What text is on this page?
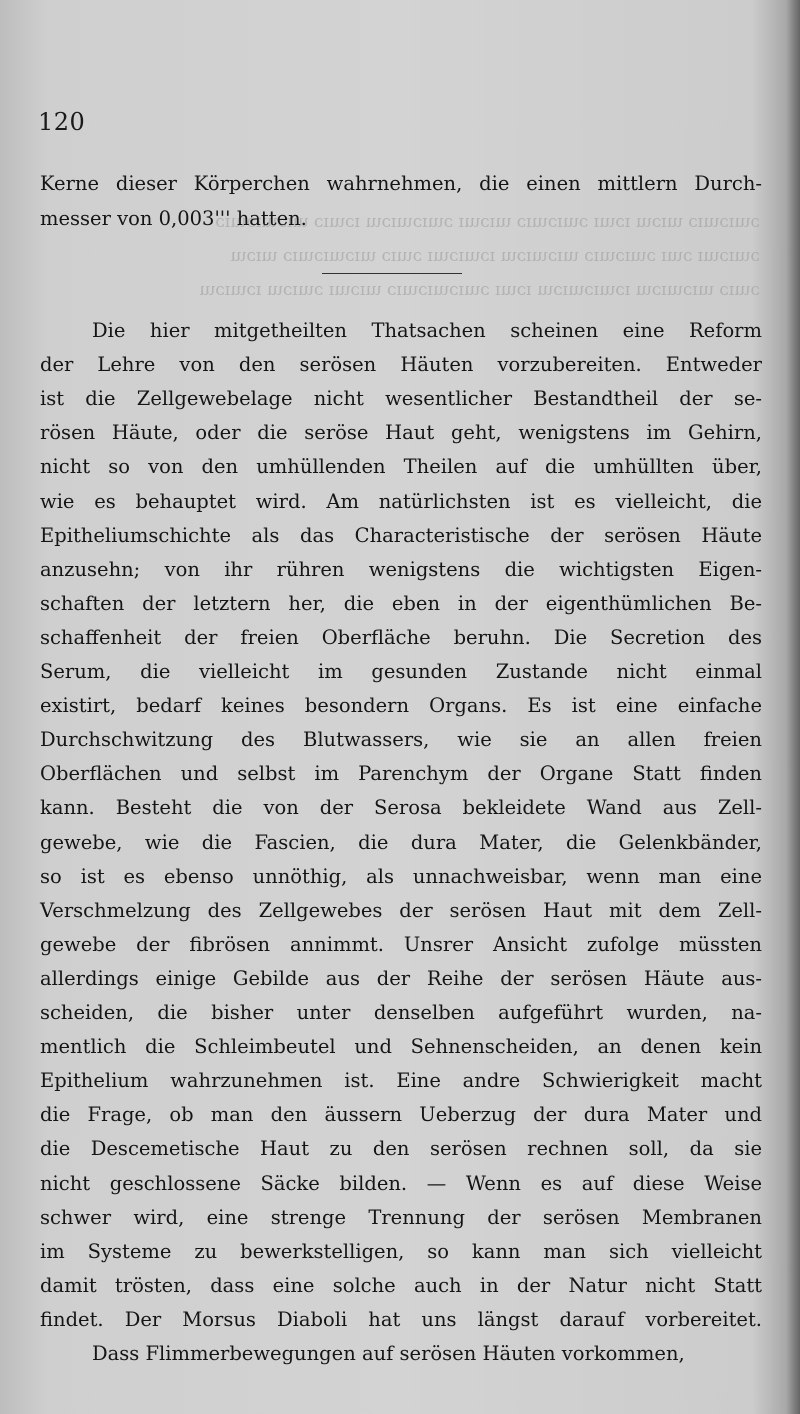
ɔɯɪɔɯɪɔ ɯɪɔɯ ɪɔɯɪ ɔɯɪɔɯɪɔ ɯɪɔɯɪ ɔɯɪɔɯɪɔɯ ɪɔɯɪɔ ɯɪɔɯɪɔɯɪɔ
ɔɯɪɔɯɪ ɔɯɪ ɔɯɪɔɯɪɔ ɯɪɔɯɪɔɯ ɪɔɯɪɔɯɪ ɔɯɪɔ ɯɪɔɯɪɔɯɪɔ ɯɪɔɯ
ɔɯɪɔ ɯɪɔɯɪɔɯ ɪɔɯɪɔɯɪɔɯ ɪɔɯɪ ɔɯɪɔɯɪɔɯɪɔ ɯɪɔɯɪ ɔɯɪɔɯ ɪɔɯɪɔɯ
120
Kerne dieser Körperchen wahrnehmen, die einen mittlern Durch-
messer von 0,003''' hatten.
Die hier mitgetheilten Thatsachen scheinen eine Reform
der Lehre von den serösen Häuten vorzubereiten. Entweder
ist die Zellgewebelage nicht wesentlicher Bestandtheil der se-
rösen Häute, oder die seröse Haut geht, wenigstens im Gehirn,
nicht so von den umhüllenden Theilen auf die umhüllten über,
wie es behauptet wird. Am natürlichsten ist es vielleicht, die
Epitheliumschichte als das Characteristische der serösen Häute
anzusehn; von ihr rühren wenigstens die wichtigsten Eigen-
schaften der letztern her, die eben in der eigenthümlichen Be-
schaffenheit der freien Oberfläche beruhn. Die Secretion des
Serum, die vielleicht im gesunden Zustande nicht einmal
existirt, bedarf keines besondern Organs. Es ist eine einfache
Durchschwitzung des Blutwassers, wie sie an allen freien
Oberflächen und selbst im Parenchym der Organe Statt finden
kann. Besteht die von der Serosa bekleidete Wand aus Zell-
gewebe, wie die Fascien, die dura Mater, die Gelenkbänder,
so ist es ebenso unnöthig, als unnachweisbar, wenn man eine
Verschmelzung des Zellgewebes der serösen Haut mit dem Zell-
gewebe der fibrösen annimmt. Unsrer Ansicht zufolge müssten
allerdings einige Gebilde aus der Reihe der serösen Häute aus-
scheiden, die bisher unter denselben aufgeführt wurden, na-
mentlich die Schleimbeutel und Sehnenscheiden, an denen kein
Epithelium wahrzunehmen ist. Eine andre Schwierigkeit macht
die Frage, ob man den äussern Ueberzug der dura Mater und
die Descemetische Haut zu den serösen rechnen soll, da sie
nicht geschlossene Säcke bilden. — Wenn es auf diese Weise
schwer wird, eine strenge Trennung der serösen Membranen
im Systeme zu bewerkstelligen, so kann man sich vielleicht
damit trösten, dass eine solche auch in der Natur nicht Statt
findet. Der Morsus Diaboli hat uns längst darauf vorbereitet.
Dass Flimmerbewegungen auf serösen Häuten vorkommen,
